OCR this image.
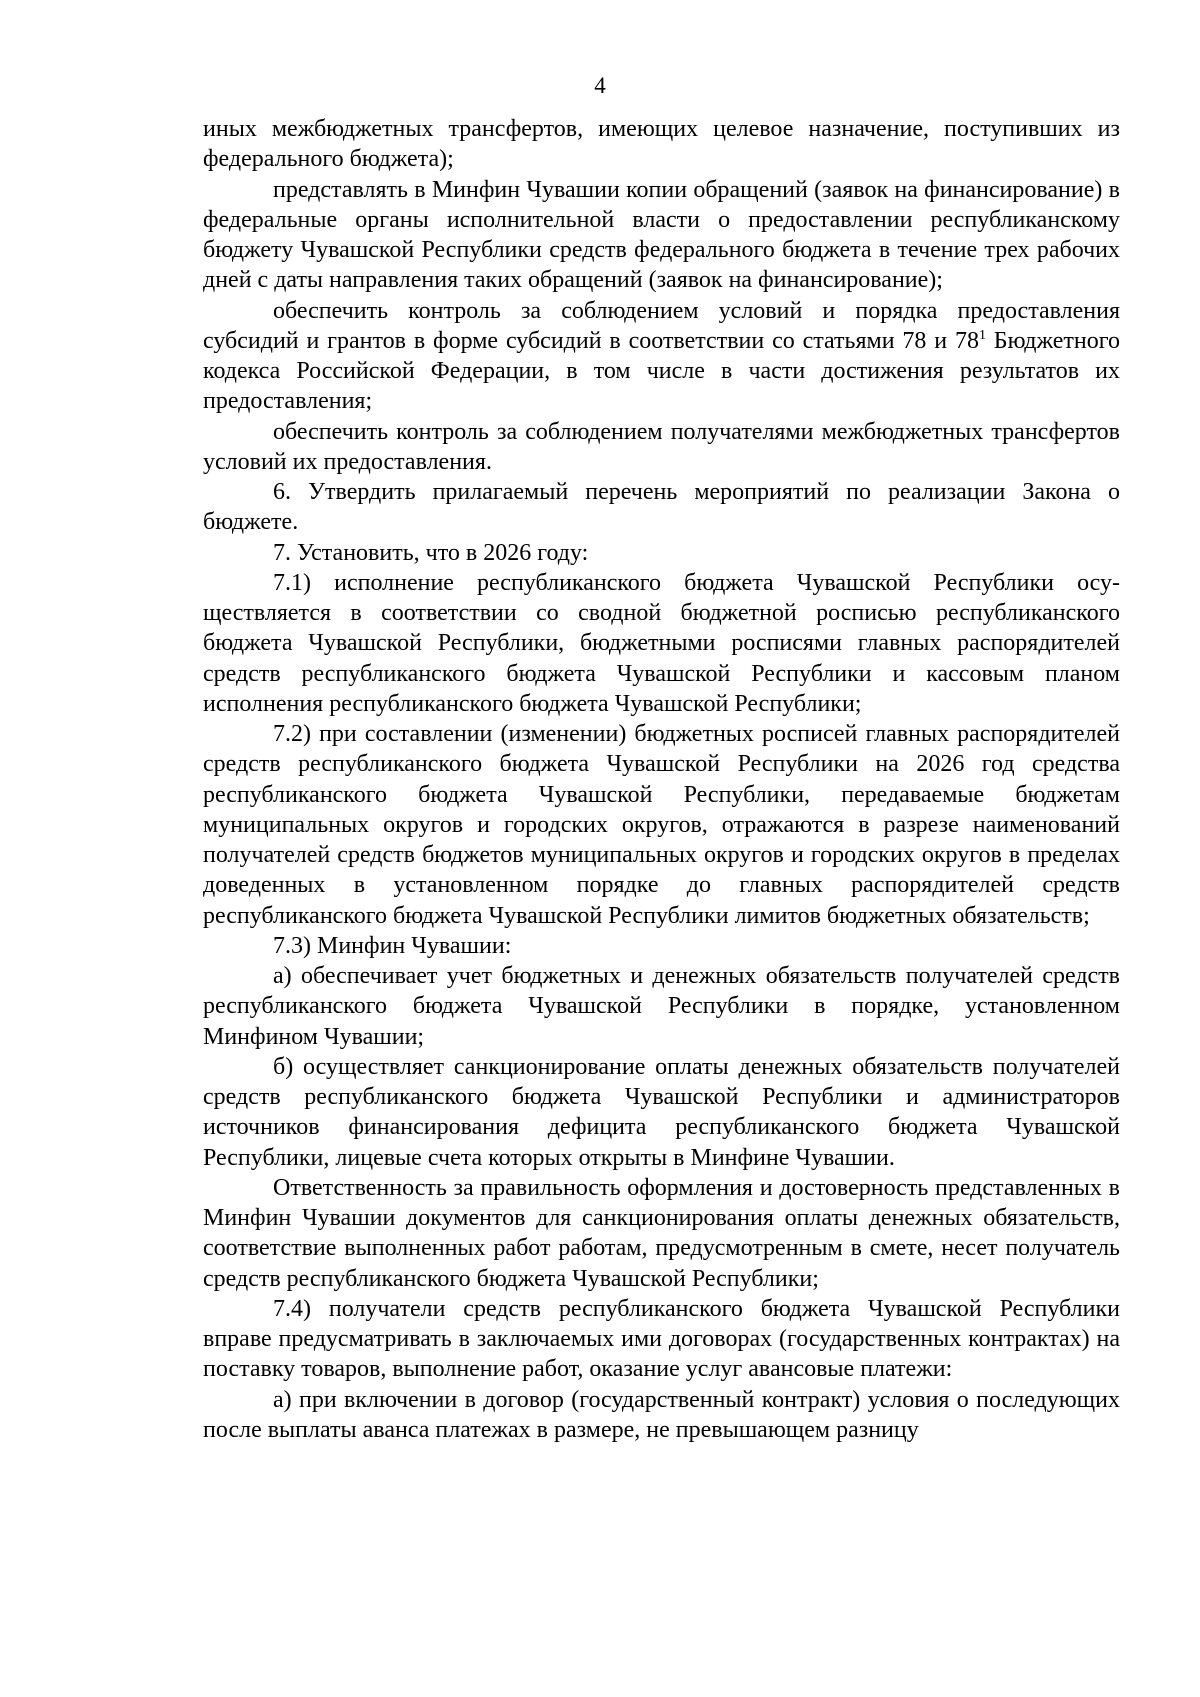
4

иных межбюджетных трансфертов, имеющих целевое назначение, поступивших из федерального бюджета);

представлять в Минфин Чувашии копии обращений (заявок на финансирование) в федеральные органы исполнительной власти о предоставлении республиканскому бюджету Чувашской Республики средств федерального бюджета в течение трех рабочих дней с даты направления таких обращений (заявок на финансирование);

обеспечить контроль за соблюдением условий и порядка предоставления субсидий и грантов в форме субсидий в соответствии со статьями 78 и $78^1$ Бюджетного кодекса Российской Федерации, в том числе в части достижения результатов их предоставления;

обеспечить контроль за соблюдением получателями межбюджетных трансфертов условий их предоставления.

6. Утвердить прилагаемый перечень мероприятий по реализации Закона о бюджете.

7. Установить, что в 2026 году:

7.1) исполнение республиканского бюджета Чувашской Республики осуществляется в соответствии со сводной бюджетной росписью республиканского бюджета Чувашской Республики, бюджетными росписями главных распорядителей средств республиканского бюджета Чувашской Республики и кассовым планом исполнения республиканского бюджета Чувашской Республики;

7.2) при составлении (изменении) бюджетных росписей главных распорядителей средств республиканского бюджета Чувашской Республики на 2026 год средства республиканского бюджета Чувашской Республики, передаваемые бюджетам муниципальных округов и городских округов, отражаются в разрезе наименований получателей средств бюджетов муниципальных округов и городских округов в пределах доведенных в установленном порядке до главных распорядителей средств республиканского бюджета Чувашской Республики лимитов бюджетных обязательств;

7.3) Минфин Чувашии:

а) обеспечивает учет бюджетных и денежных обязательств получателей средств республиканского бюджета Чувашской Республики в порядке, установленном Минфином Чувашии;

б) осуществляет санкционирование оплаты денежных обязательств получателей средств республиканского бюджета Чувашской Республики и администраторов источников финансирования дефицита республиканского бюджета Чувашской Республики, лицевые счета которых открыты в Минфине Чувашии.

Ответственность за правильность оформления и достоверность представленных в Минфин Чувашии документов для санкционирования оплаты денежных обязательств, соответствие выполненных работ работам, предусмотренным в смете, несет получатель средств республиканского бюджета Чувашской Республики;

7.4) получатели средств республиканского бюджета Чувашской Республики вправе предусматривать в заключаемых ими договорах (государственных контрактах) на поставку товаров, выполнение работ, оказание услуг авансовые платежи:

а) при включении в договор (государственный контракт) условия о последующих после выплаты аванса платежах в размере, не превышающем разницу
